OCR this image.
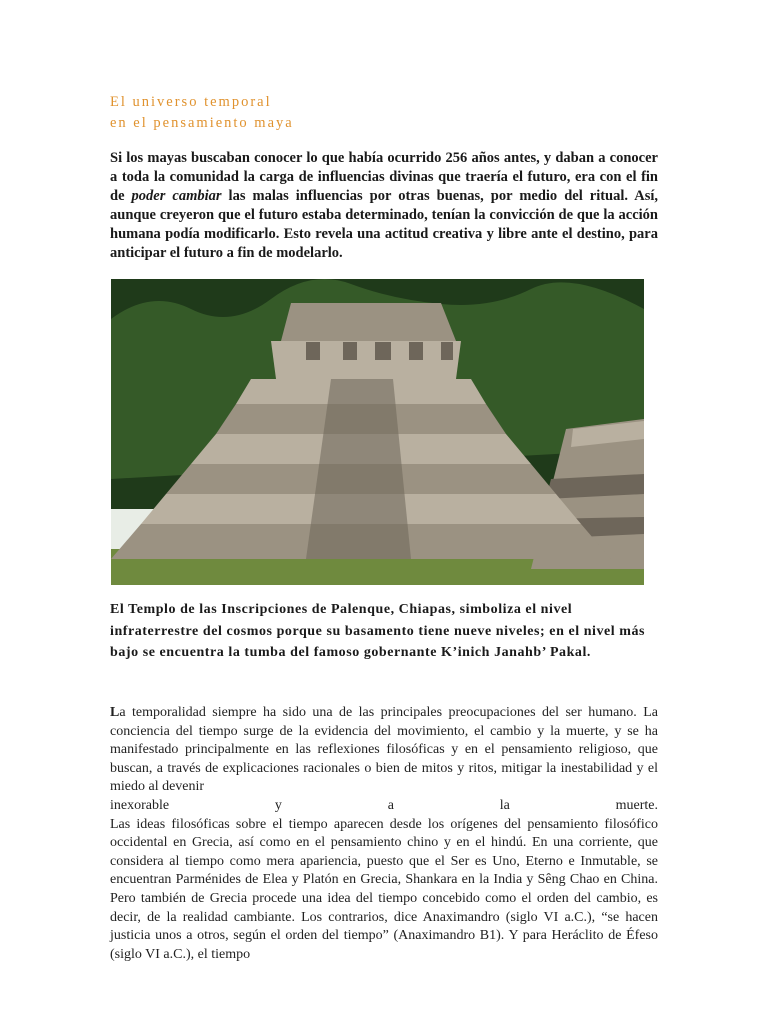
El universo temporal
en el pensamiento maya

Si los mayas buscaban conocer lo que había ocurrido 256 años antes, y daban a conocer a toda la comunidad la carga de influencias divinas que traería el futuro, era con el fin de poder cambiar las malas influencias por otras buenas, por medio del ritual. Así, aunque creyeron que el futuro estaba determinado, tenían la convicción de que la acción humana podía modificarlo. Esto revela una actitud creativa y libre ante el destino, para anticipar el futuro a fin de modelarlo.

El Templo de las Inscripciones de Palenque, Chiapas, simboliza el nivel infraterrestre del cosmos porque su basamento tiene nueve niveles; en el nivel más bajo se encuentra la tumba del famoso gobernante K’inich Janahb’ Pakal.

La temporalidad siempre ha sido una de las principales preocupaciones del ser humano. La conciencia del tiempo surge de la evidencia del movimiento, el cambio y la muerte, y se ha manifestado principalmente en las reflexiones filosóficas y en el pensamiento religioso, que buscan, a través de explicaciones racionales o bien de mitos y ritos, mitigar la inestabilidad y el miedo al devenir

inexorable	y	a	la	muerte.

Las ideas filosóficas sobre el tiempo aparecen desde los orígenes del pensamiento filosófico occidental en Grecia, así como en el pensamiento chino y en el hindú. En una corriente, que considera al tiempo como mera apariencia, puesto que el Ser es Uno, Eterno e Inmutable, se encuentran Parménides de Elea y Platón en Grecia, Shankara en la India y Sêng Chao en China. Pero también de Grecia procede una idea del tiempo concebido como el orden del cambio, es decir, de la realidad cambiante. Los contrarios, dice Anaximandro (siglo VI a.C.), “se hacen justicia unos a otros, según el orden del tiempo” (Anaximandro B1). Y para Heráclito de Éfeso (siglo VI a.C.), el tiempo
